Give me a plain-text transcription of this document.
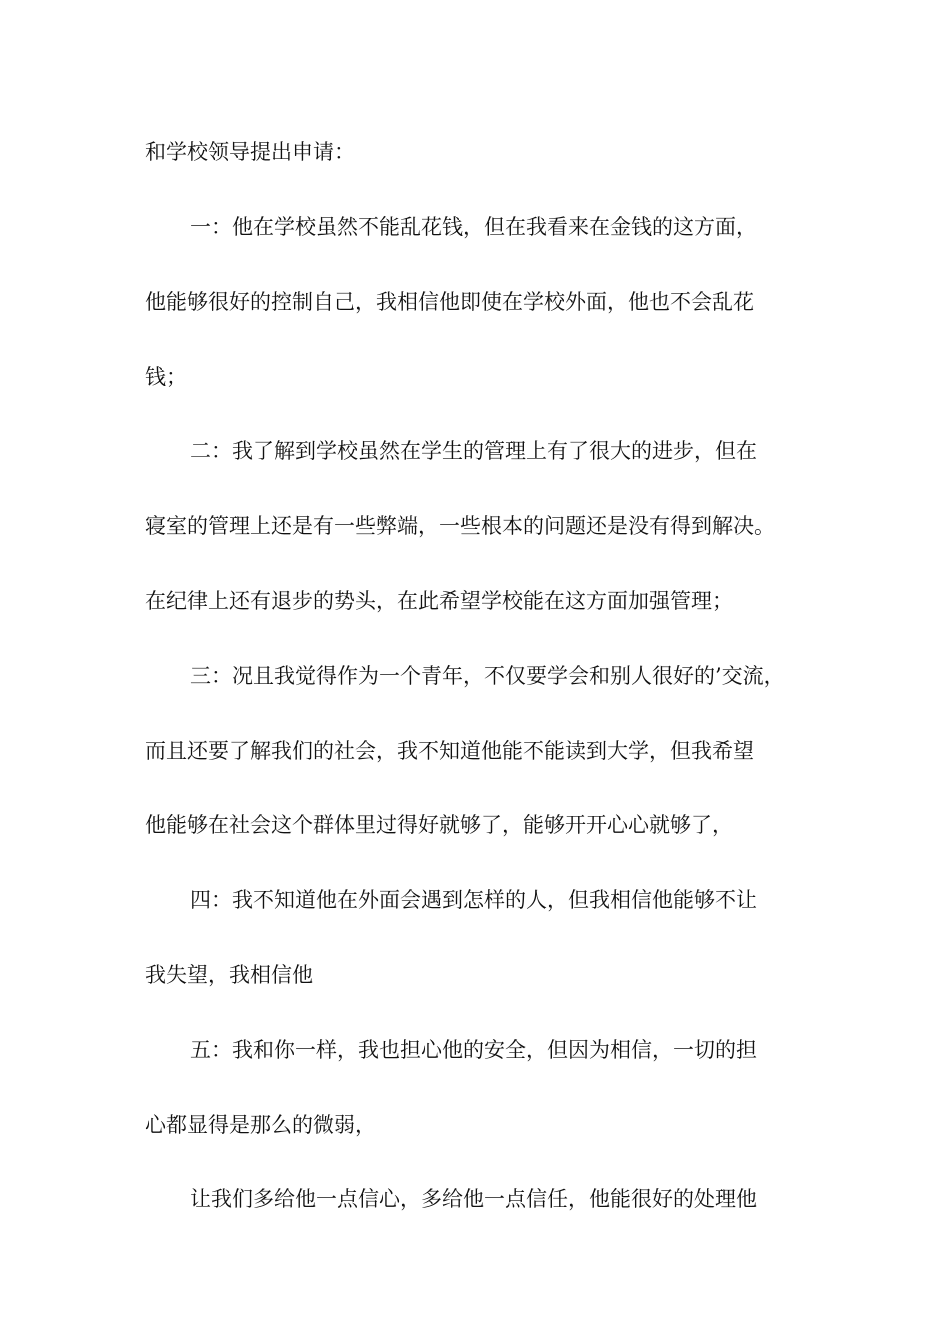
和学校领导提出申请：

一：他在学校虽然不能乱花钱，但在我看来在金钱的这方面，

他能够很好的控制自己，我相信他即使在学校外面，他也不会乱花

钱；

二：我了解到学校虽然在学生的管理上有了很大的进步，但在

寝室的管理上还是有一些弊端，一些根本的问题还是没有得到解决。

在纪律上还有退步的势头，在此希望学校能在这方面加强管理；

三：况且我觉得作为一个青年，不仅要学会和别人很好的’交流，

而且还要了解我们的社会，我不知道他能不能读到大学，但我希望

他能够在社会这个群体里过得好就够了，能够开开心心就够了，

四：我不知道他在外面会遇到怎样的人，但我相信他能够不让

我失望，我相信他

五：我和你一样，我也担心他的安全，但因为相信，一切的担

心都显得是那么的微弱，

让我们多给他一点信心，多给他一点信任，他能很好的处理他
